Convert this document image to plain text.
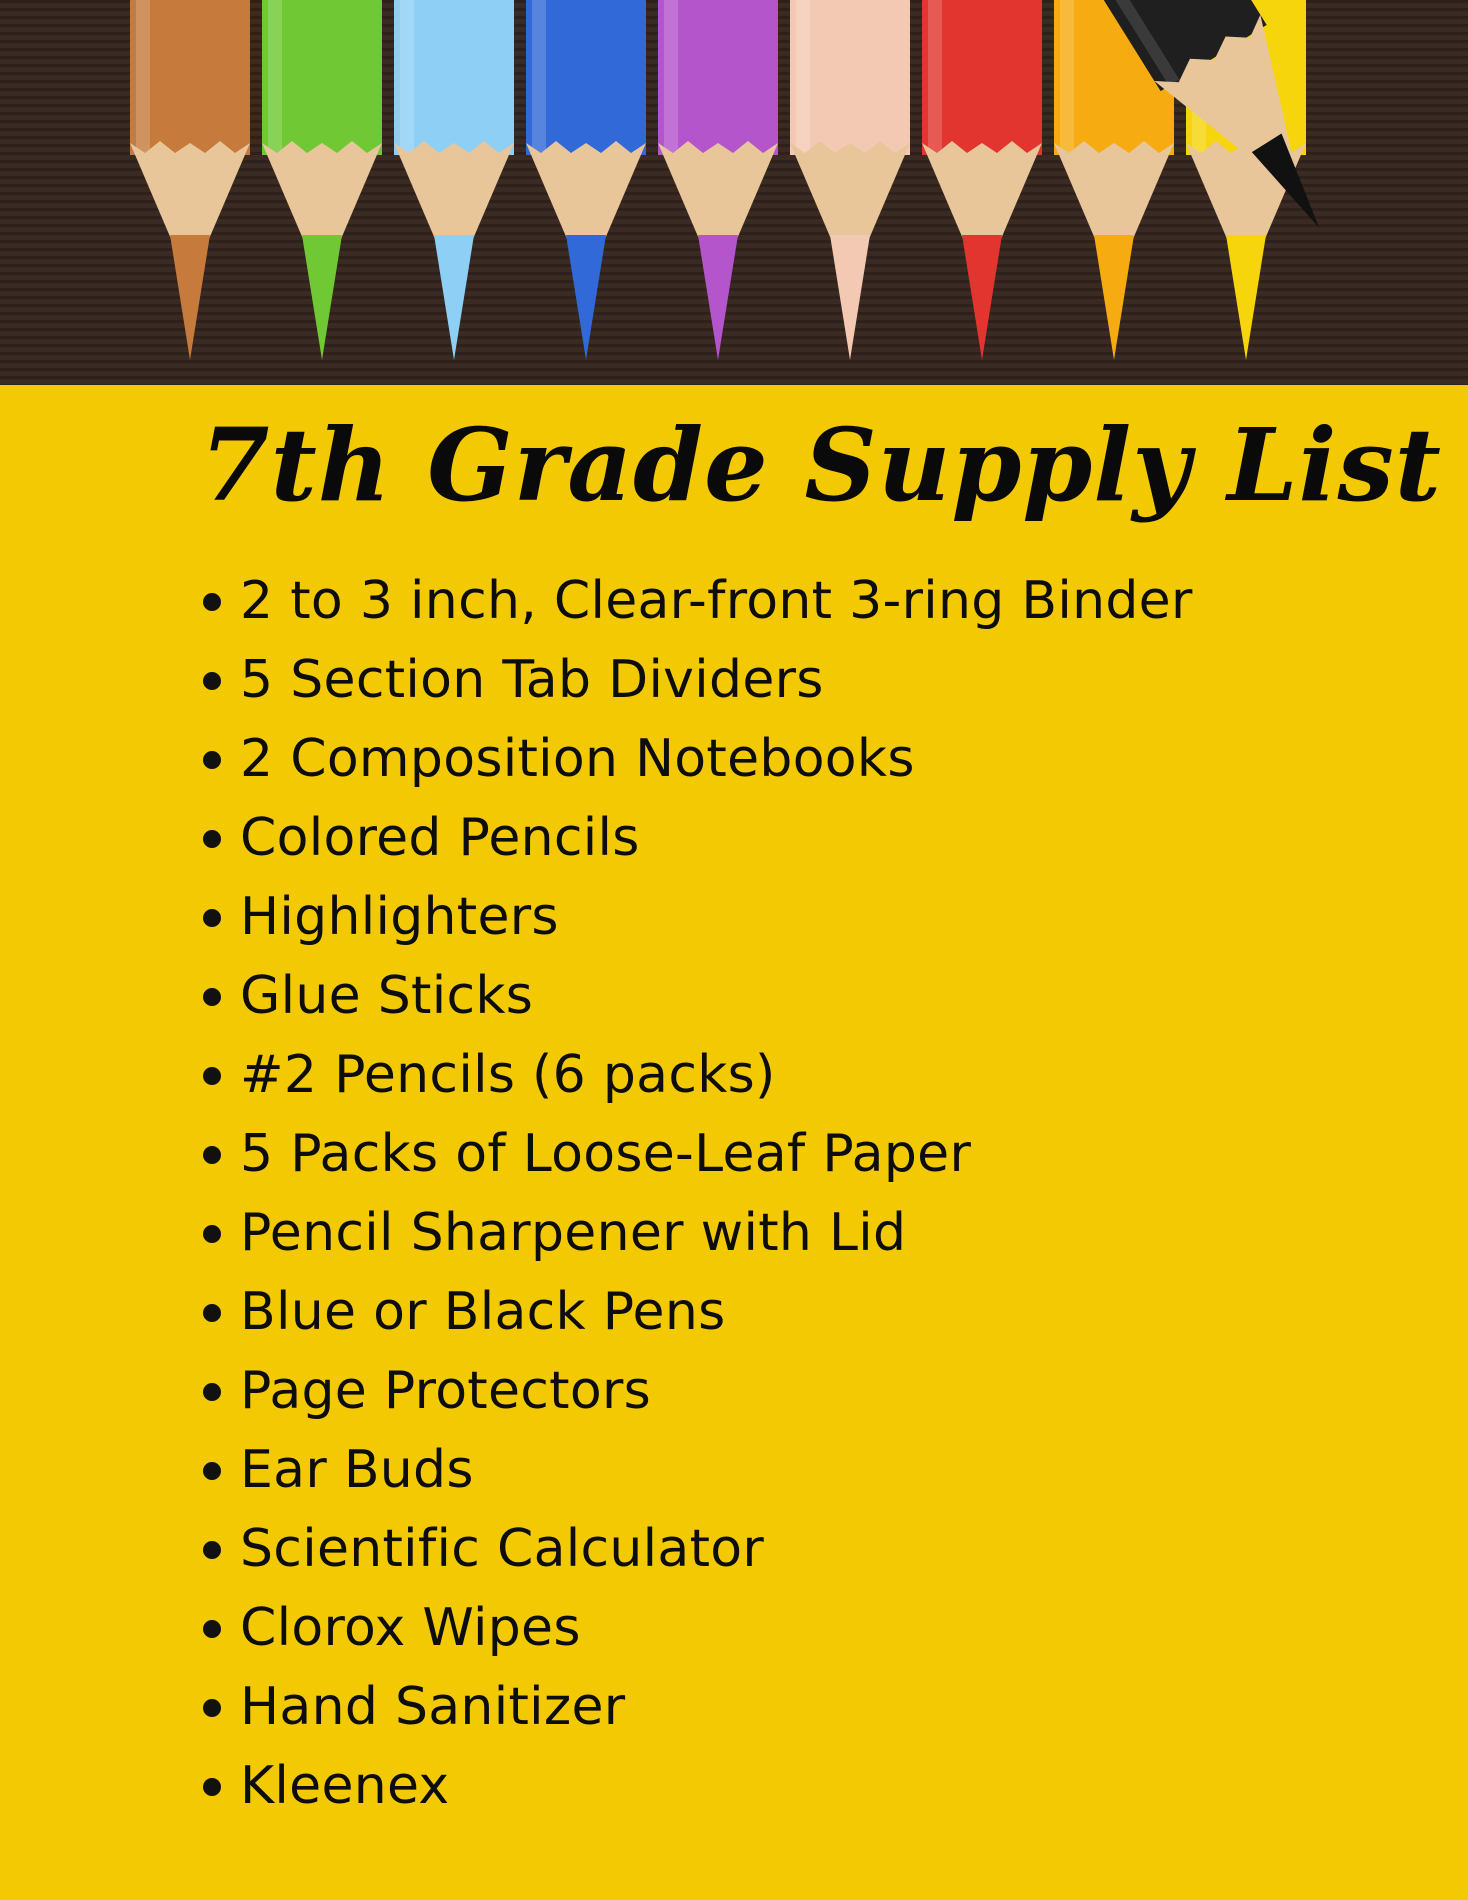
7th Grade Supply List
2 to 3 inch, Clear-front 3-ring Binder
5 Section Tab Dividers
2 Composition Notebooks
Colored Pencils
Highlighters
Glue Sticks
#2 Pencils (6 packs)
5 Packs of Loose-Leaf Paper
Pencil Sharpener with Lid
Blue or Black Pens
Page Protectors
Ear Buds
Scientific Calculator
Clorox Wipes
Hand Sanitizer
Kleenex
